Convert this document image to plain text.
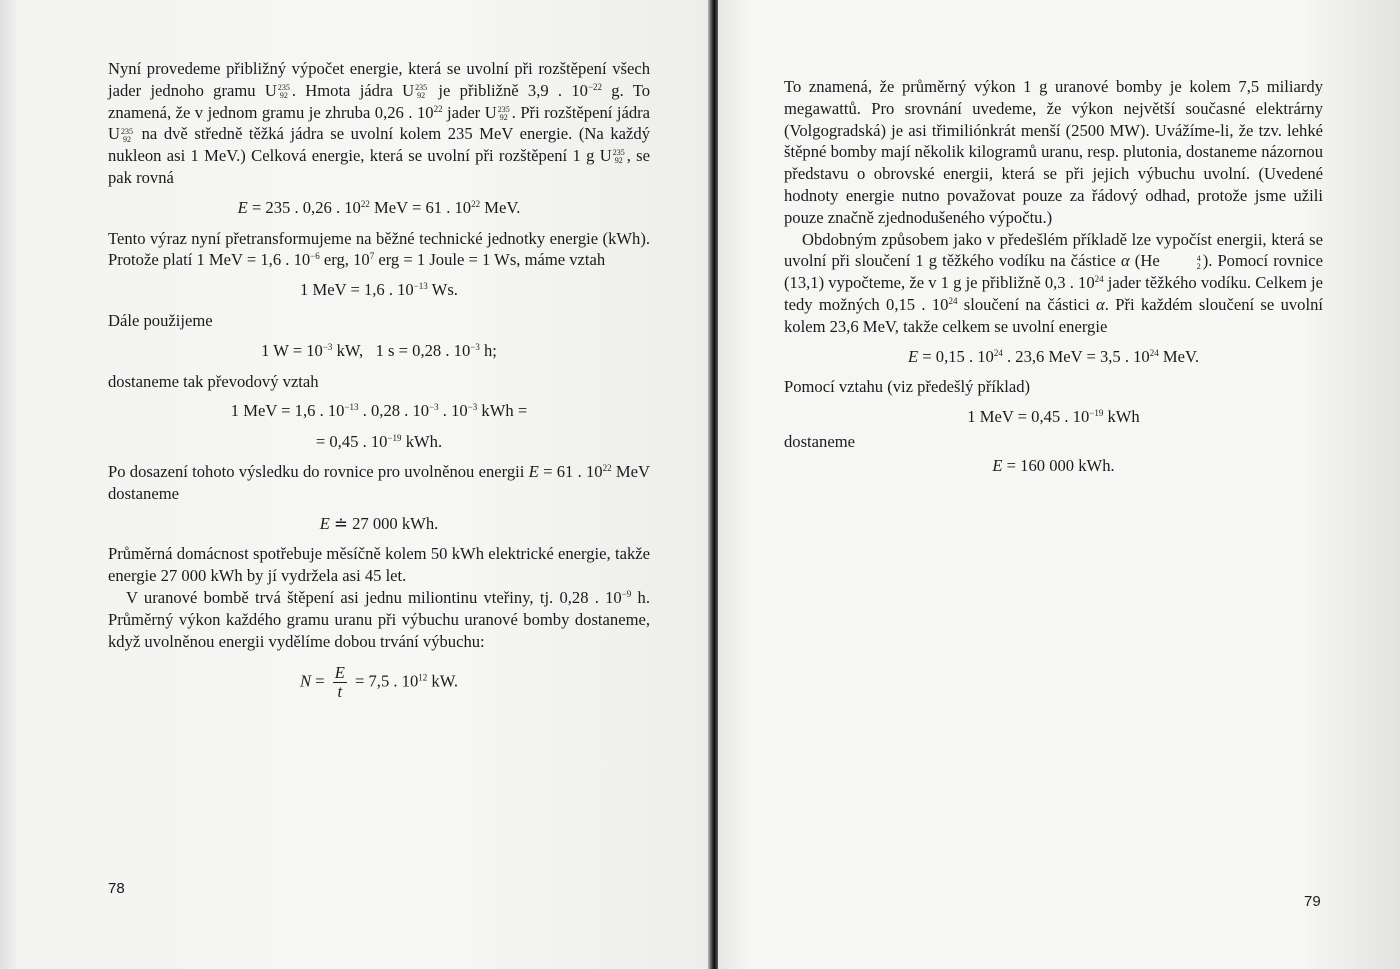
Nyní provedeme přibližný výpočet energie, která se uvolní při rozštěpení všech jader jednoho gramu U 235
92 . Hmota jádra U 235
92 je přibližně 3,9 . $10^{-22}$ g. To znamená, že v jednom gramu je zhruba 0,26 . $10^{22}$ jader U 235
92 . Při rozštěpení jádra U 235
92 na dvě středně těžká jádra se uvolní kolem 235 MeV energie. (Na každý nukleon asi 1 MeV.) Celková energie, která se uvolní při rozštěpení 1 g U 235
92 , se pak rovná

E = 235 . 0,26 . $10^{22}$ MeV = 61 . $10^{22}$ MeV.

Tento výraz nyní přetransformujeme na běžné technické jednotky energie (kWh). Protože platí 1 MeV = 1,6 . $10^{-6}$ erg, $10^7$ erg = 1 Joule = 1 Ws, máme vztah

1 MeV = 1,6 . $10^{-13}$ Ws.

Dále použijeme

1 $W = 10^{-3}$ kW,   1 s = 0,28 . $10^{-3}$ h;

dostaneme tak převodový vztah

1 MeV = 1,6 . $10^{-13}$ . 0,28 . $10^{-3}$ . $10^{-3}$ kWh =
= 0,45 . $10^{-19}$ kWh.

Po dosazení tohoto výsledku do rovnice pro uvolněnou energii E = 61 . $10^{22}$ MeV dostaneme

E ≐ 27 000 kWh.

Průměrná domácnost spotřebuje měsíčně kolem 50 kWh elektrické energie, takže energie 27 000 kWh by jí vydržela asi 45 let.

V uranové bombě trvá štěpení asi jednu miliontinu vteřiny, tj. 0,28 . $10^{-9}$ h. Průměrný výkon každého gramu uranu při výbuchu uranové bomby dostaneme, když uvolněnou energii vydělíme dobou trvání výbuchu:

$N = \frac{E}{t} = 7,5$ . $10^{12}$ kW.
78

To znamená, že průměrný výkon 1 g uranové bomby je kolem 7,5 miliardy megawattů. Pro srovnání uvedeme, že výkon největší současné elektrárny (Volgogradská) je asi třimiliónkrát menší (2500 MW). Uvážíme-li, že tzv. lehké štěpné bomby mají několik kilogramů uranu, resp. plutonia, dostaneme názornou představu o obrovské energii, která se při jejich výbuchu uvolní. (Uvedené hodnoty energie nutno považovat pouze za řádový odhad, protože jsme užili pouze značně zjednodušeného výpočtu.)

Obdobným způsobem jako v předešlém příkladě lze vypočíst energii, která se uvolní při sloučení 1 g těžkého vodíku na částice α (He	4
2 ). Pomocí rovnice (13,1) vypočteme, že v 1 g je přibližně 0,3 . $10^{24}$ jader těžkého vodíku. Celkem je tedy možných 0,15 . $10^{24}$ sloučení na částici α. Při každém sloučení se uvolní kolem 23,6 MeV, takže celkem se uvolní energie

E = 0,15 . $10^{24}$ . 23,6 MeV = 3,5 . $10^{24}$ MeV.

Pomocí vztahu (viz předešlý příklad)

1 MeV = 0,45 . $10^{-19}$ kWh

dostaneme

E = 160 000 kWh.
79
